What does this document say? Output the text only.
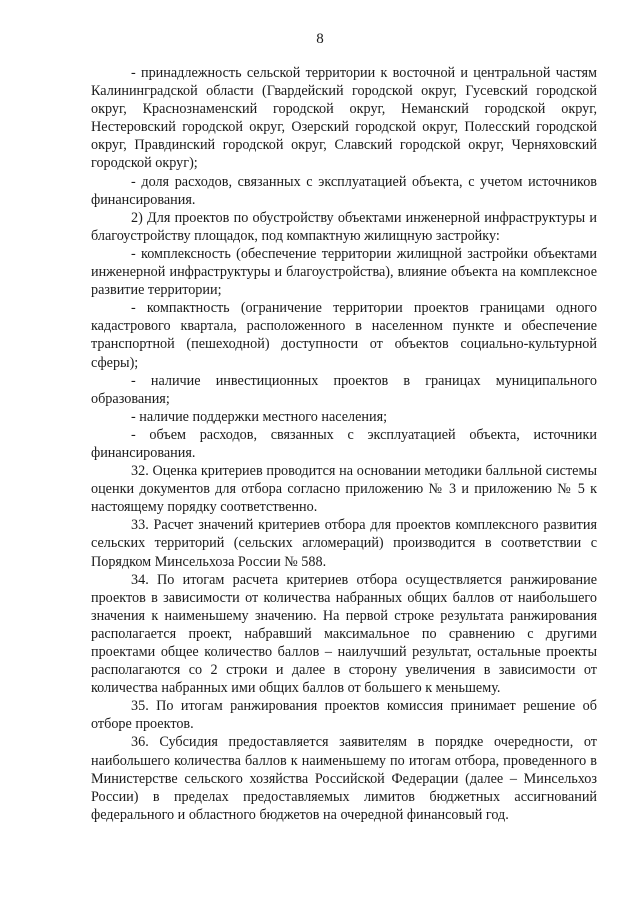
8

- принадлежность сельской территории к восточной и центральной частям Калининградской области (Гвардейский городской округ, Гусевский городской округ, Краснознаменский городской округ, Неманский городской округ, Нестеровский городской округ, Озерский городской округ, Полесский городской округ, Правдинский городской округ, Славский городской округ, Черняховский городской округ);

- доля расходов, связанных с эксплуатацией объекта, с учетом источников финансирования.

2) Для проектов по обустройству объектами инженерной инфраструктуры и благоустройству площадок, под компактную жилищную застройку:

- комплексность (обеспечение территории жилищной застройки объектами инженерной инфраструктуры и благоустройства), влияние объекта на комплексное развитие территории;

- компактность (ограничение территории проектов границами одного кадастрового квартала, расположенного в населенном пункте и обеспечение транспортной (пешеходной) доступности от объектов социально-культурной сферы);

- наличие инвестиционных проектов в границах муниципального образования;

- наличие поддержки местного населения;

- объем расходов, связанных с эксплуатацией объекта, источники финансирования.

32. Оценка критериев проводится на основании методики балльной системы оценки документов для отбора согласно приложению № 3 и приложению № 5 к настоящему порядку соответственно.

33. Расчет значений критериев отбора для проектов комплексного развития сельских территорий (сельских агломераций) производится в соответствии с Порядком Минсельхоза России № 588.

34. По итогам расчета критериев отбора осуществляется ранжирование проектов в зависимости от количества набранных общих баллов от наибольшего значения к наименьшему значению. На первой строке результата ранжирования располагается проект, набравший максимальное по сравнению с другими проектами общее количество баллов – наилучший результат, остальные проекты располагаются со 2 строки и далее в сторону увеличения в зависимости от количества набранных ими общих баллов от большего к меньшему.

35. По итогам ранжирования проектов комиссия принимает решение об отборе проектов.

36. Субсидия предоставляется заявителям в порядке очередности, от наибольшего количества баллов к наименьшему по итогам отбора, проведенного в Министерстве сельского хозяйства Российской Федерации (далее – Минсельхоз России) в пределах предоставляемых лимитов бюджетных ассигнований федерального и областного бюджетов на очередной финансовый год.
